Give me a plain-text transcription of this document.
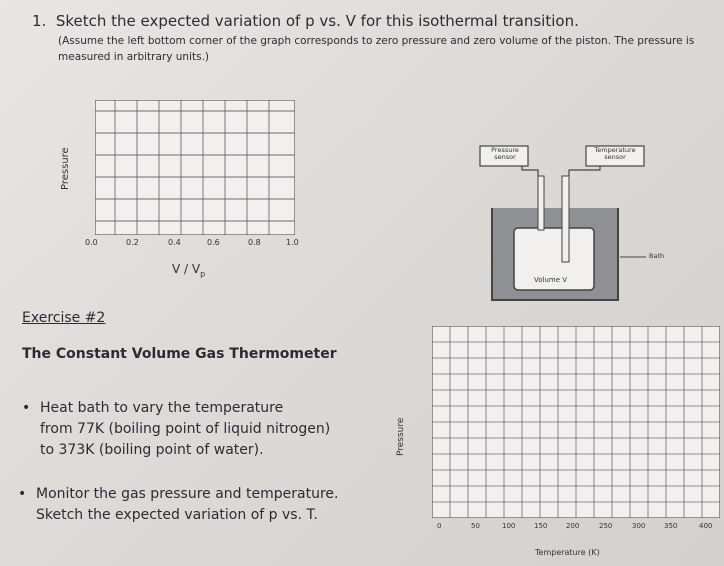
1. Sketch the expected variation of p vs. V for this isothermal transition.
(Assume the left bottom corner of the graph corresponds to zero pressure and zero volume of the piston. The pressure is measured in arbitrary units.)
Pressure
0.0	0.2	0.4	0.6	0.8	1.0
V / $V_p$
Pressure
sensor
Temperature
sensor
Bath
Volume V
Exercise #2
The Constant Volume Gas Thermometer
• Heat bath to vary the temperature
from 77K (boiling point of liquid nitrogen)
to 373K (boiling point of water).
• Monitor the gas pressure and temperature.
Sketch the expected variation of p vs. T.
Pressure
0	50	100	150	200	250	300	350	400
Temperature (K)
